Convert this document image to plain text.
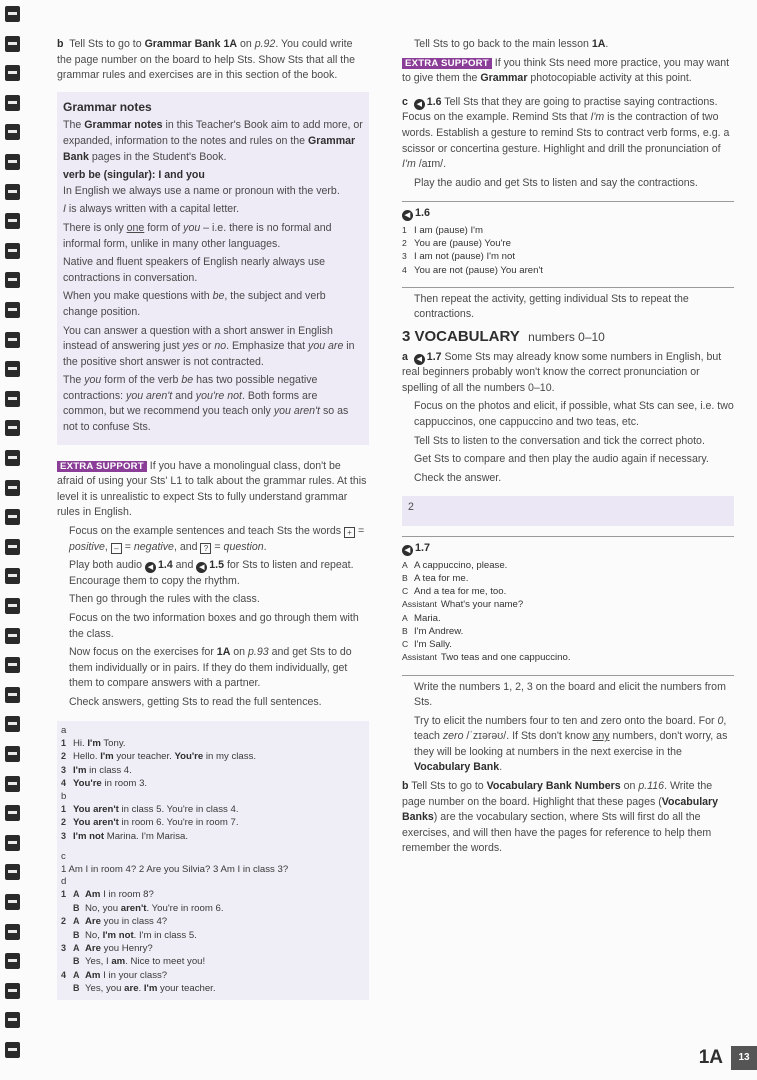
b Tell Sts to go to Grammar Bank 1A on p.92. You could write the page number on the board to help Sts. Show Sts that all the grammar rules and exercises are in this section of the book.

Grammar notes

The Grammar notes in this Teacher's Book aim to add more, or expanded, information to the notes and rules on the Grammar Bank pages in the Student's Book.

verb be (singular): I and you

In English we always use a name or pronoun with the verb.

I is always written with a capital letter.

There is only one form of you – i.e. there is no formal and informal form, unlike in many other languages.

Native and fluent speakers of English nearly always use contractions in conversation.

When you make questions with be, the subject and verb change position.

You can answer a question with a short answer in English instead of answering just yes or no. Emphasize that you are in the positive short answer is not contracted.

The you form of the verb be has two possible negative contractions: you aren't and you're not. Both forms are common, but we recommend you teach only you aren't so as not to confuse Sts.

EXTRA SUPPORT If you have a monolingual class, don't be afraid of using your Sts' L1 to talk about the grammar rules. At this level it is unrealistic to expect Sts to fully understand grammar rules in English.

Focus on the example sentences and teach Sts the words + = positive, – = negative, and ? = question.

Play both audio ◀ 1.4 and ◀ 1.5 for Sts to listen and repeat. Encourage them to copy the rhythm.

Then go through the rules with the class.

Focus on the two information boxes and go through them with the class.

Now focus on the exercises for 1A on p.93 and get Sts to do them individually or in pairs. If they do them individually, get them to compare answers with a partner.

Check answers, getting Sts to read the full sentences.

a
1 Hi. I'm Tony.
2 Hello. I'm your teacher. You're in my class.
3 I'm in class 4.
4 You're in room 3.
b
1 You aren't in class 5. You're in class 4.
2 You aren't in room 6. You're in room 7.
3 I'm not Marina. I'm Marisa.
c
1 Am I in room 4? 2 Are you Silvia? 3 Am I in class 3?
d
1 A Am I in room 8?
B No, you aren't. You're in room 6.
2 A Are you in class 4?
B No, I'm not. I'm in class 5.
3 A Are you Henry?
B Yes, I am. Nice to meet you!
4 A Am I in your class?
B Yes, you are. I'm your teacher.

Tell Sts to go back to the main lesson 1A.

EXTRA SUPPORT If you think Sts need more practice, you may want to give them the Grammar photocopiable activity at this point.

c ◀ 1.6 Tell Sts that they are going to practise saying contractions. Focus on the example. Remind Sts that I'm is the contraction of two words. Establish a gesture to remind Sts to contract verb forms, e.g. a scissor or concertina gesture. Highlight and drill the pronunciation of I'm /aɪm/.

Play the audio and get Sts to listen and say the contractions.

◀ 1.6
1 I am (pause) I'm
2 You are (pause) You're
3 I am not (pause) I'm not
4 You are not (pause) You aren't

Then repeat the activity, getting individual Sts to repeat the contractions.

3 VOCABULARY numbers 0–10

a ◀ 1.7 Some Sts may already know some numbers in English, but real beginners probably won't know the correct pronunciation or spelling of all the numbers 0–10.

Focus on the photos and elicit, if possible, what Sts can see, i.e. two cappuccinos, one cappuccino and two teas, etc.

Tell Sts to listen to the conversation and tick the correct photo.

Get Sts to compare and then play the audio again if necessary.

Check the answer.

2
◀ 1.7
A A cappuccino, please.
B A tea for me.
C And a tea for me, too.
Assistant What's your name?
A Maria.
B I'm Andrew.
C I'm Sally.
Assistant Two teas and one cappuccino.

Write the numbers 1, 2, 3 on the board and elicit the numbers from Sts.

Try to elicit the numbers four to ten and zero onto the board. For 0, teach zero /ˈzɪərəʊ/. If Sts don't know any numbers, don't worry, as they will be looking at numbers in the next exercise in the Vocabulary Bank.

b Tell Sts to go to Vocabulary Bank Numbers on p.116. Write the page number on the board. Highlight that these pages (Vocabulary Banks) are the vocabulary section, where Sts will first do all the exercises, and will then have the pages for reference to help them remember the words.

1A	13
